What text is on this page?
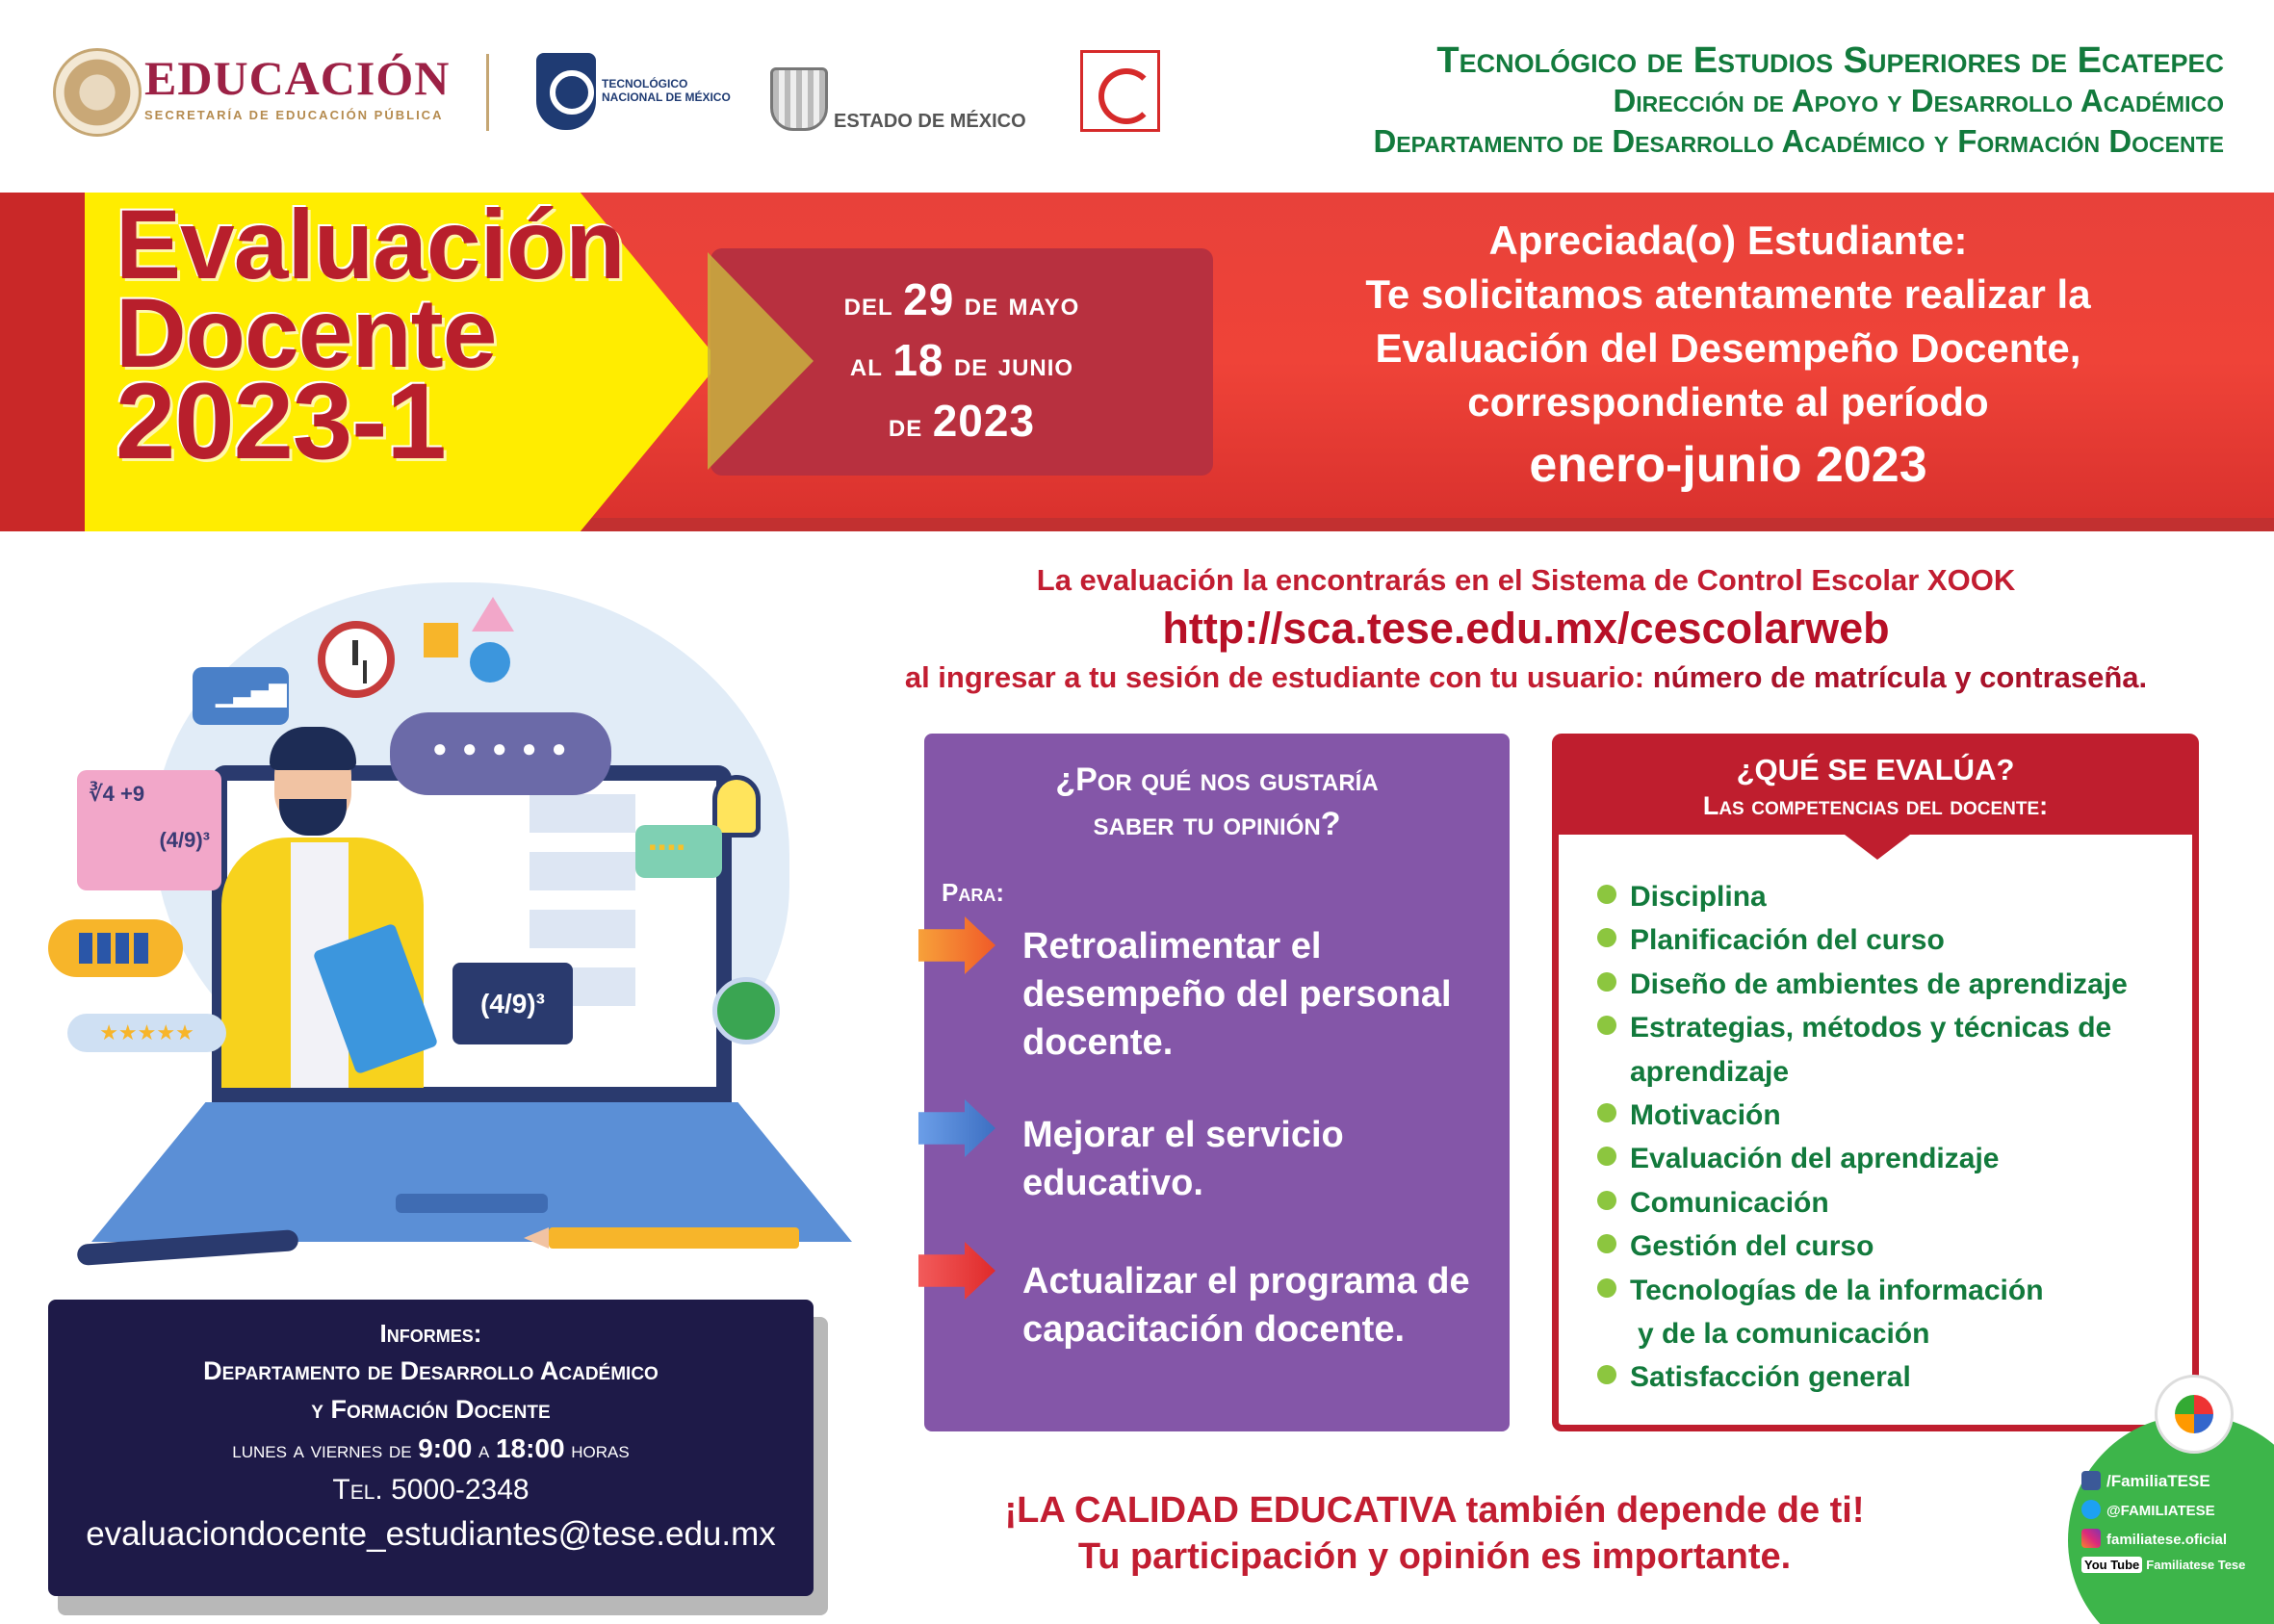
EDUCACIÓN
SECRETARÍA DE EDUCACIÓN PÚBLICA
TECNOLÓGICO
NACIONAL DE MÉXICO
ESTADO DE MÉXICO
Tecnológico de Estudios Superiores de Ecatepec
Dirección de Apoyo y Desarrollo Académico
Departamento de Desarrollo Académico y Formación Docente
Evaluación
Docente
2023-1
del 29 de mayo
al 18 de junio
de 2023
Apreciada(o) Estudiante:
Te solicitamos atentamente realizar la
Evaluación del Desempeño Docente,
correspondiente al período
enero-junio 2023
La evaluación la encontrarás en el Sistema de Control Escolar XOOK
http://sca.tese.edu.mx/cescolarweb
al ingresar a tu sesión de estudiante con tu usuario: número de matrícula y contraseña.
● ● ● ● ●
∛4 +9
(4/9)³
★★★★★
▁▃▅▇
(4/9)³
▪▪▪▪
Informes:
Departamento de Desarrollo Académico
y Formación Docente
lunes a viernes de 9:00 a 18:00 horas
Tel. 5000-2348
evaluaciondocente_estudiantes@tese.edu.mx
¿Por qué nos gustaría
saber tu opinión?
Para:
Retroalimentar el desempeño del personal docente.
Mejorar el servicio educativo.
Actualizar el programa de capacitación docente.
¿QUÉ SE EVALÚA?
Las competencias del docente:
Disciplina
Planificación del curso
Diseño de ambientes de aprendizaje
Estrategias, métodos y técnicas de
aprendizaje
Motivación
Evaluación del aprendizaje
Comunicación
Gestión del curso
Tecnologías de la información
y de la comunicación
Satisfacción general
¡LA CALIDAD EDUCATIVA también depende de ti!
Tu participación y opinión es importante.
/FamiliaTESE
@FAMILIATESE
familiatese.oficial
You Tube Familiatese Tese
